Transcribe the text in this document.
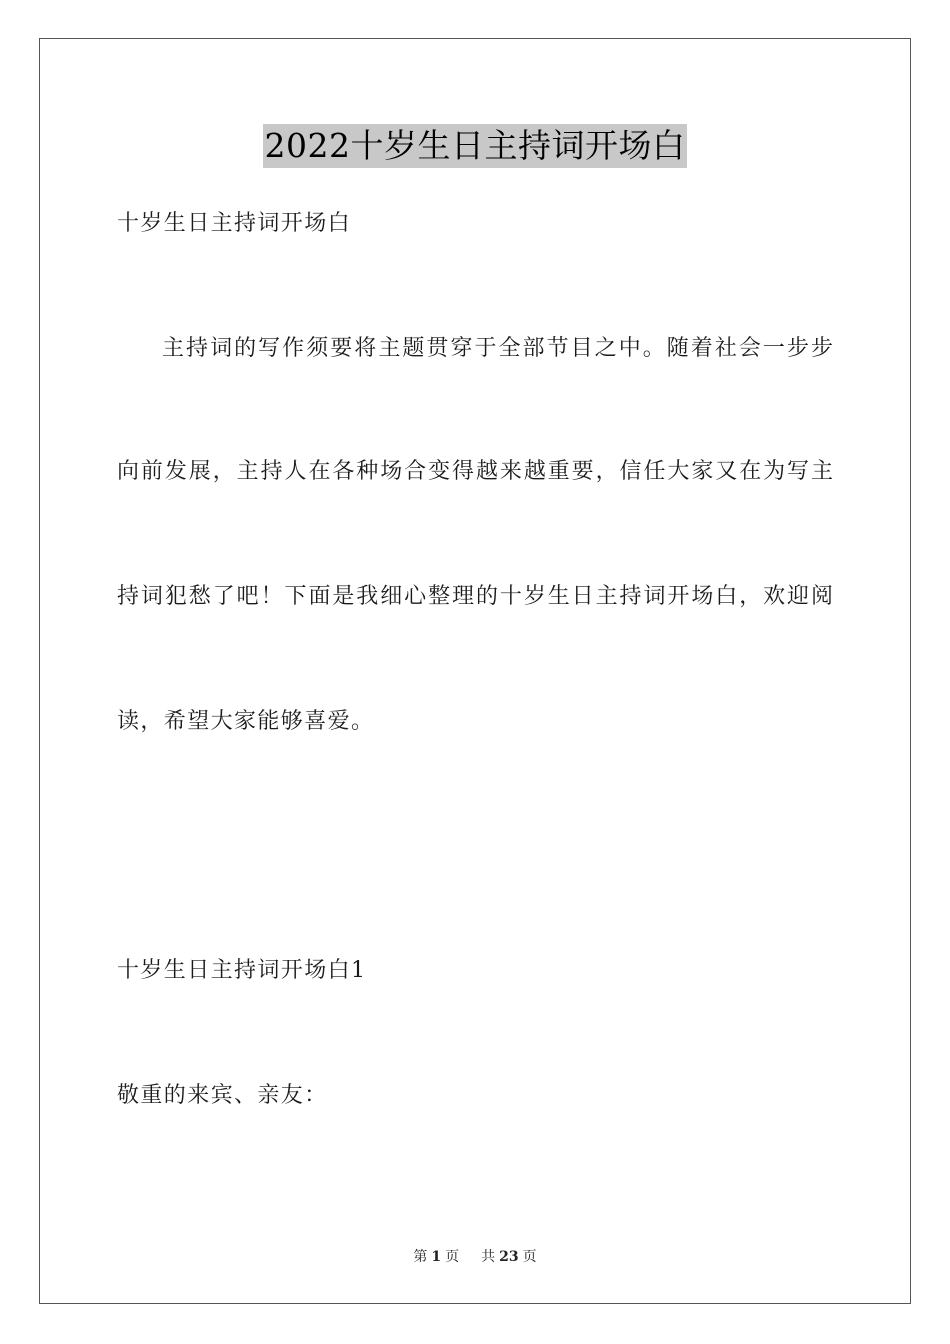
2022十岁生日主持词开场白
十岁生日主持词开场白
主持词的写作须要将主题贯穿于全部节目之中。随着社会一步步
向前发展，主持人在各种场合变得越来越重要，信任大家又在为写主
持词犯愁了吧！下面是我细心整理的十岁生日主持词开场白，欢迎阅
读，希望大家能够喜爱。
十岁生日主持词开场白1
敬重的来宾、亲友：
第 1 页 共 23 页
